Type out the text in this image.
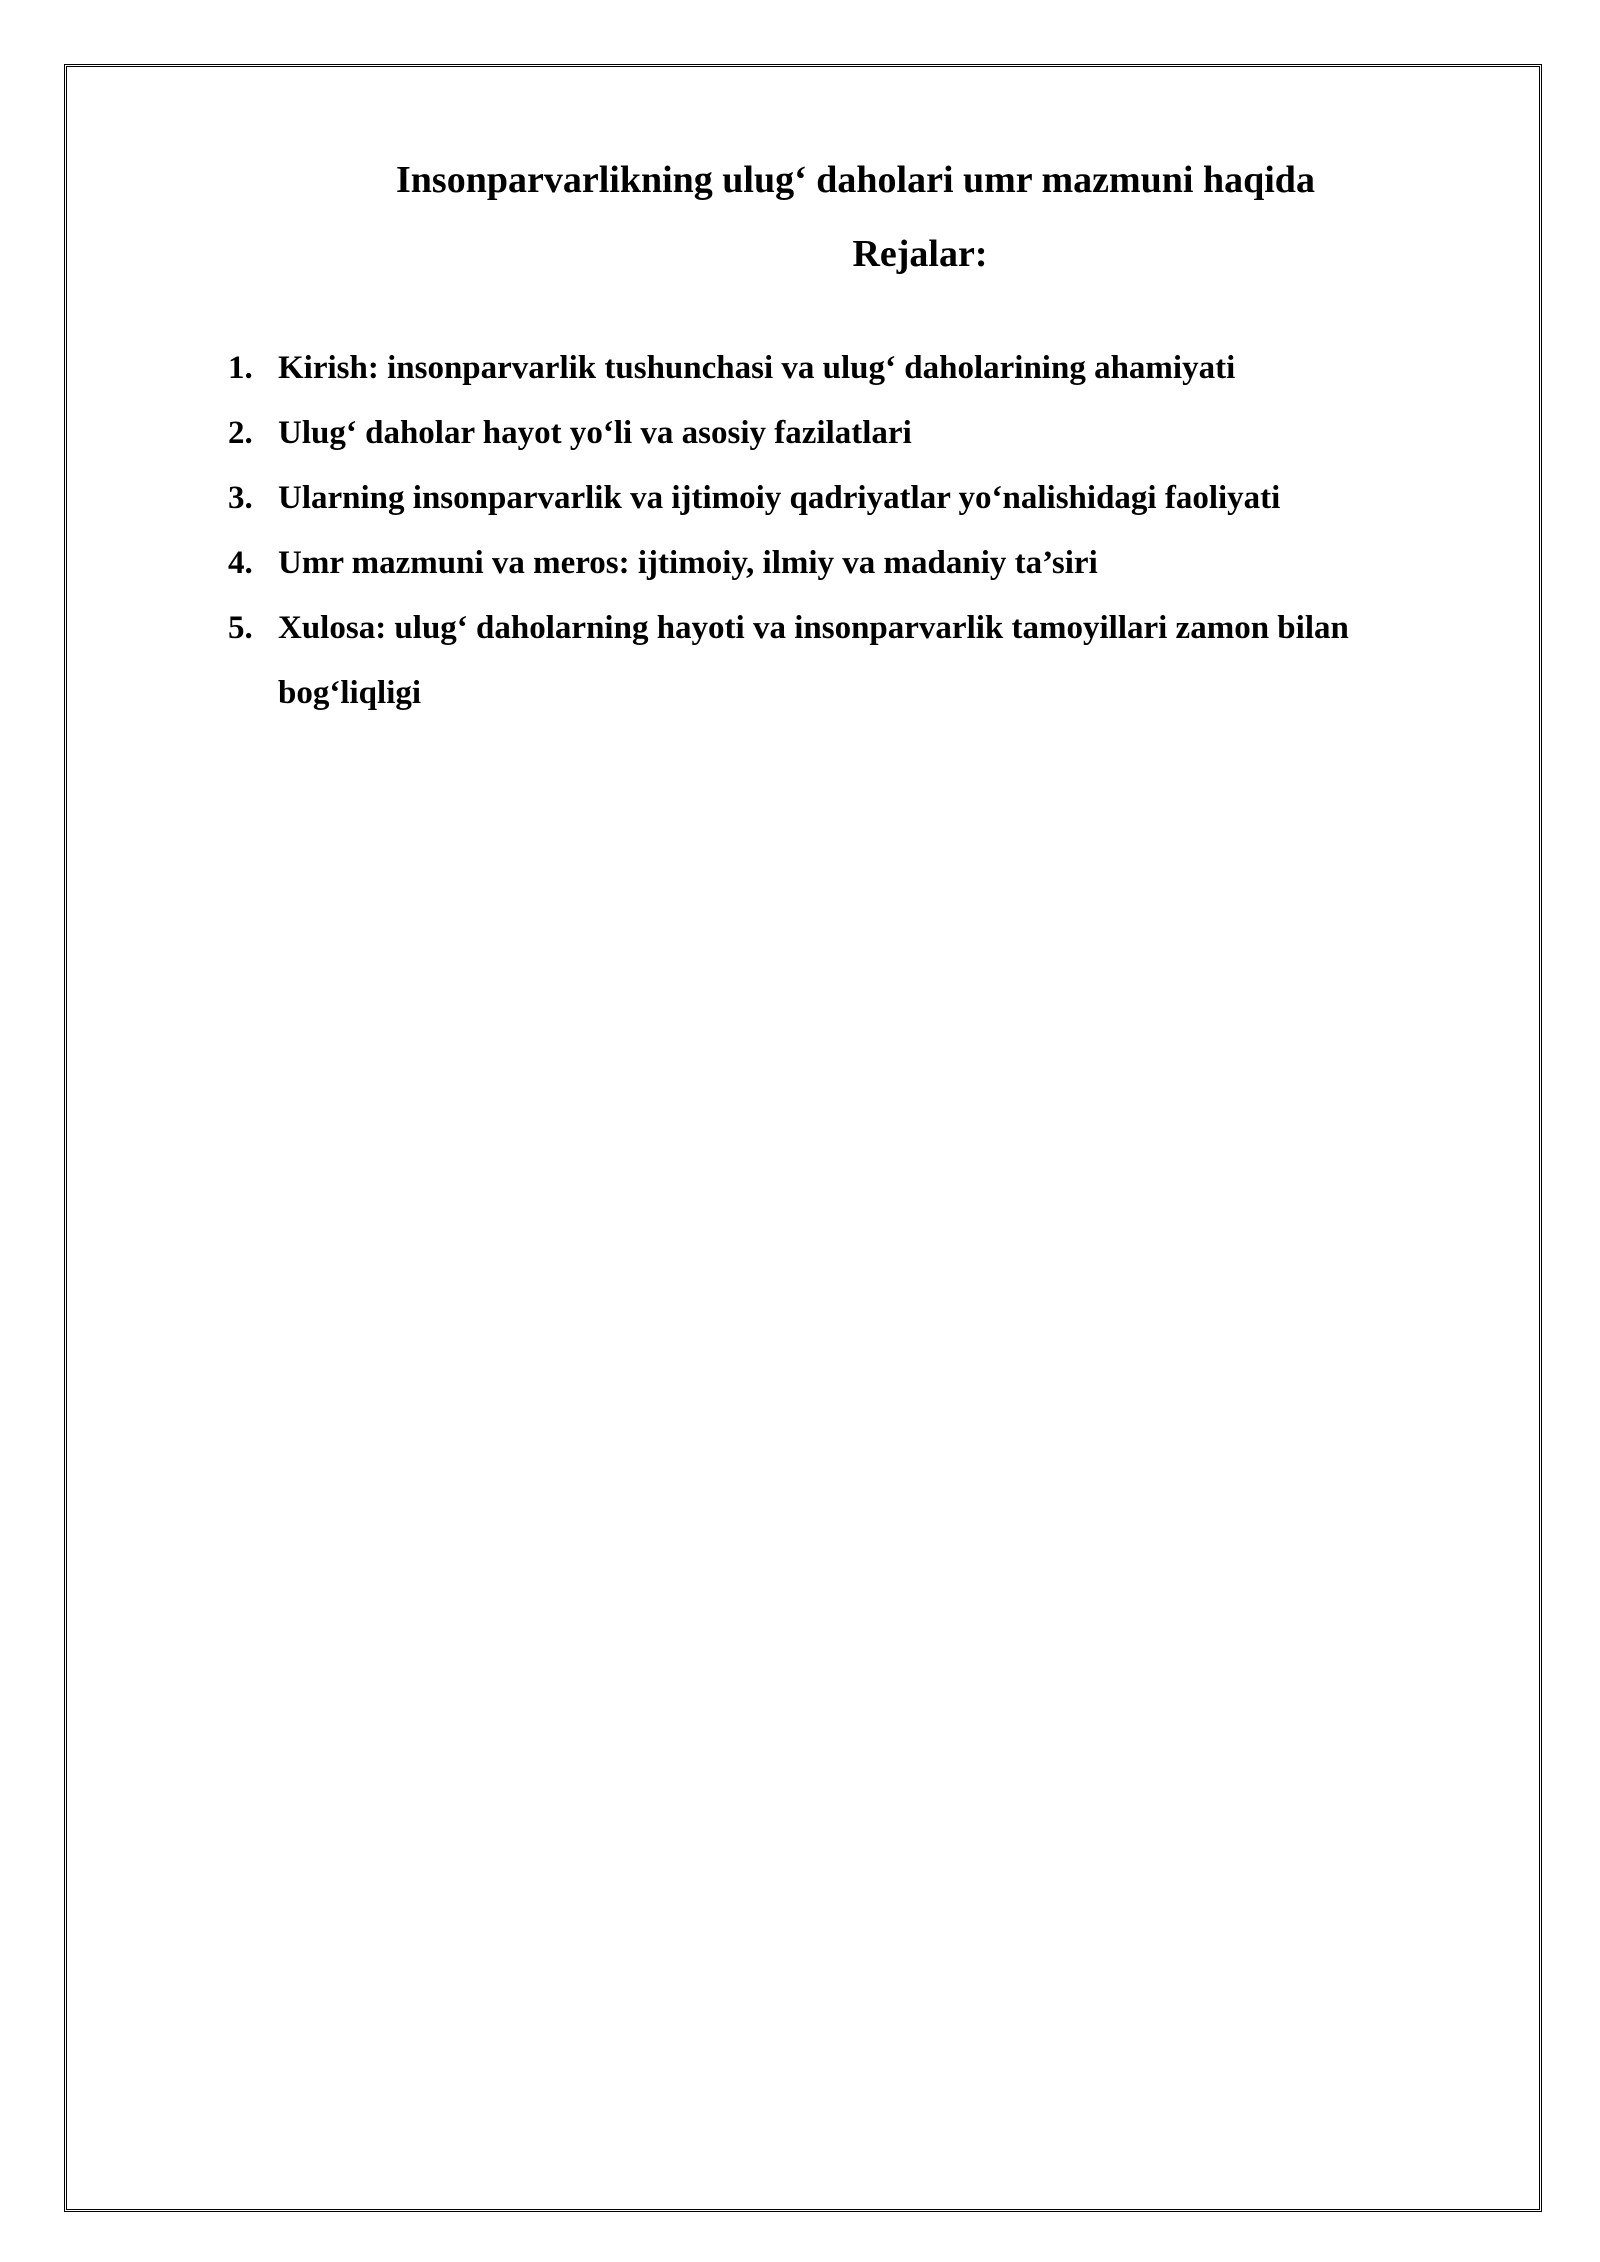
Insonparvarlikning ulug‘ daholari umr mazmuni haqida
Rejalar:
1. Kirish: insonparvarlik tushunchasi va ulug‘ daholarining ahamiyati
2. Ulug‘ daholar hayot yo‘li va asosiy fazilatlari
3. Ularning insonparvarlik va ijtimoiy qadriyatlar yo‘nalishidagi faoliyati
4. Umr mazmuni va meros: ijtimoiy, ilmiy va madaniy ta’siri
5. Xulosa: ulug‘ daholarning hayoti va insonparvarlik tamoyillari zamon bilan bog‘liqligi
